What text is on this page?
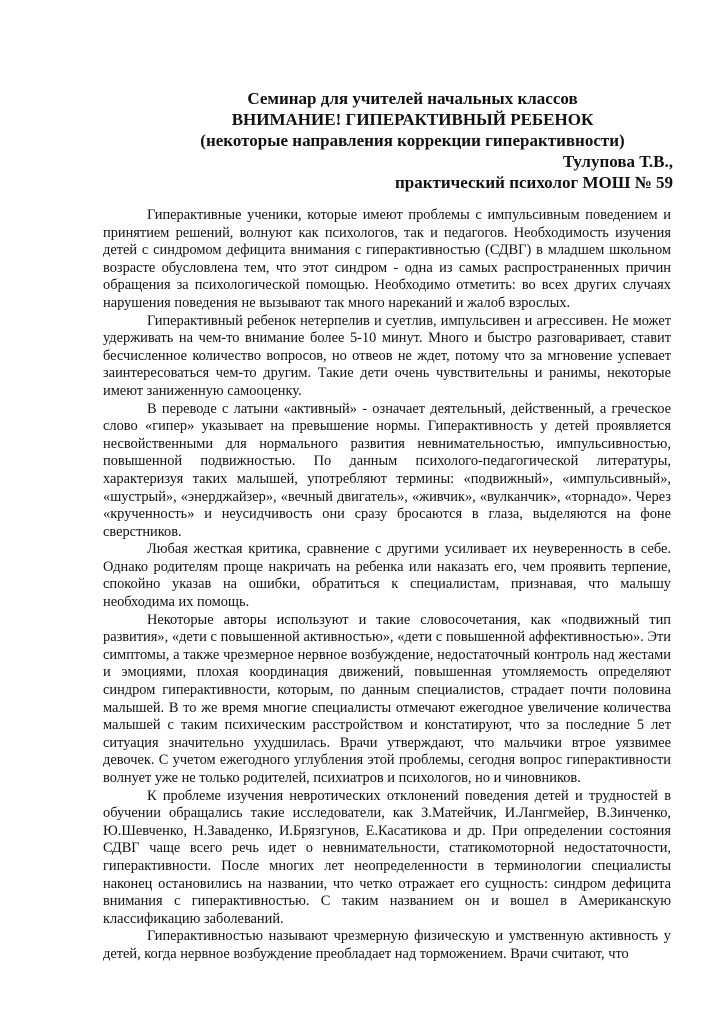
Семинар для учителей начальных классов
ВНИМАНИЕ! ГИПЕРАКТИВНЫЙ РЕБЕНОК
(некоторые направления коррекции гиперактивности)
Тулупова Т.В.,
практический психолог МОШ № 59

Гиперактивные ученики, которые имеют проблемы с импульсивным поведением и принятием решений, волнуют как психологов, так и педагогов. Необходимость изучения детей с синдромом дефицита внимания с гиперактивностью (СДВГ) в младшем школьном возрасте обусловлена тем, что этот синдром - одна из самых распространенных причин обращения за психологической помощью. Необходимо отметить: во всех других случаях нарушения поведения не вызывают так много нареканий и жалоб взрослых.

Гиперактивный ребенок нетерпелив и суетлив, импульсивен и агрессивен. Не может удерживать на чем-то внимание более 5-10 минут. Много и быстро разговаривает, ставит бесчисленное количество вопросов, но отвеов не ждет, потому что за мгновение успевает заинтересоваться чем-то другим. Такие дети очень чувствительны и ранимы, некоторые имеют заниженную самооценку.

В переводе с латыни «активный» - означает деятельный, действенный, а греческое слово «гипер» указывает на превышение нормы. Гиперактивность у детей проявляется несвойственными для нормального развития невнимательностью, импульсивностью, повышенной подвижностью. По данным психолого-педагогической литературы, характеризуя таких малышей, употребляют термины: «подвижный», «импульсивный», «шустрый», «энерджайзер», «вечный двигатель», «живчик», «вулканчик», «торнадо». Через «крученность» и неусидчивость они сразу бросаются в глаза, выделяются на фоне сверстников.

Любая жесткая критика, сравнение с другими усиливает их неуверенность в себе. Однако родителям проще накричать на ребенка или наказать его, чем проявить терпение, спокойно указав на ошибки, обратиться к специалистам, признавая, что малышу необходима их помощь.

Некоторые авторы используют и такие словосочетания, как «подвижный тип развития», «дети с повышенной активностью», «дети с повышенной аффективностью». Эти симптомы, а также чрезмерное нервное возбуждение, недостаточный контроль над жестами и эмоциями, плохая координация движений, повышенная утомляемость определяют синдром гиперактивности, которым, по данным специалистов, страдает почти половина малышей. В то же время многие специалисты отмечают ежегодное увеличение количества малышей с таким психическим расстройством и констатируют, что за последние 5 лет ситуация значительно ухудшилась. Врачи утверждают, что мальчики втрое уязвимее девочек. С учетом ежегодного углубления этой проблемы, сегодня вопрос гиперактивности волнует уже не только родителей, психиатров и психологов, но и чиновников.

К проблеме изучения невротических отклонений поведения детей и трудностей в обучении обращались такие исследователи, как З.Матейчик, И.Лангмейер, В.Зинченко, Ю.Шевченко, Н.Заваденко, И.Брязгунов, Е.Касатикова и др. При определении состояния СДВГ чаще всего речь идет о невнимательности, статикомоторной недостаточности, гиперактивности. После многих лет неопределенности в терминологии специалисты наконец остановились на названии, что четко отражает его сущность: синдром дефицита внимания с гиперактивностью. С таким названием он и вошел в Американскую классификацию заболеваний.

Гиперактивностью называют чрезмерную физическую и умственную активность у детей, когда нервное возбуждение преобладает над торможением. Врачи считают, что
